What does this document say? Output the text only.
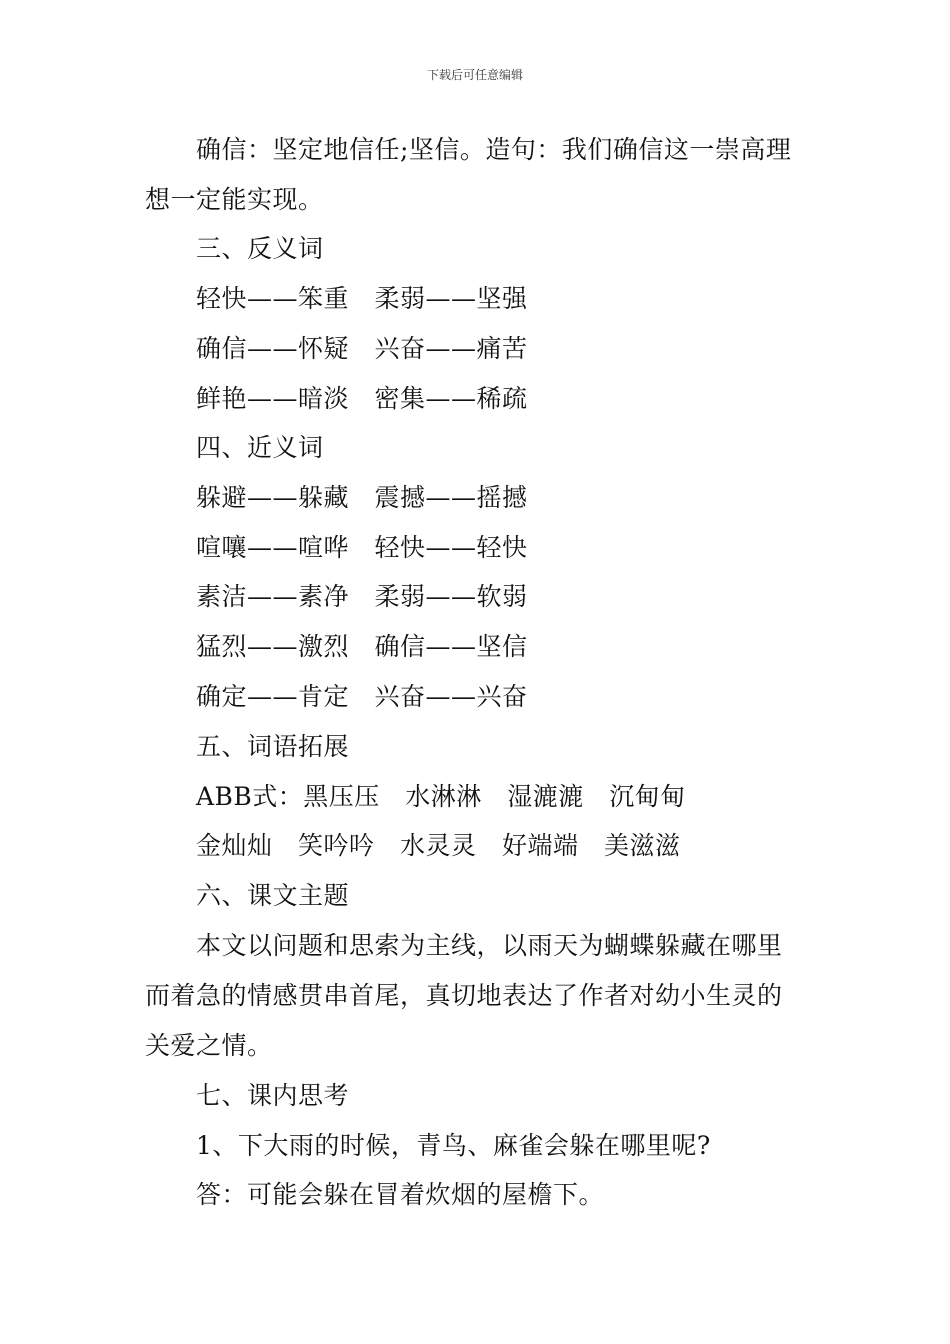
下载后可任意编辑
确信：坚定地信任;坚信。造句：我们确信这一崇高理
想一定能实现。
三、反义词
轻快——笨重　柔弱——坚强
确信——怀疑　兴奋——痛苦
鲜艳——暗淡　密集——稀疏
四、近义词
躲避——躲藏　震撼——摇撼
喧嚷——喧哗　轻快——轻快
素洁——素净　柔弱——软弱
猛烈——激烈　确信——坚信
确定——肯定　兴奋——兴奋
五、词语拓展
ABB式：黑压压　水淋淋　湿漉漉　沉甸甸
金灿灿　笑吟吟　水灵灵　好端端　美滋滋
六、课文主题
本文以问题和思索为主线，以雨天为蝴蝶躲藏在哪里
而着急的情感贯串首尾，真切地表达了作者对幼小生灵的
关爱之情。
七、课内思考
1、下大雨的时候，青鸟、麻雀会躲在哪里呢?
答：可能会躲在冒着炊烟的屋檐下。
